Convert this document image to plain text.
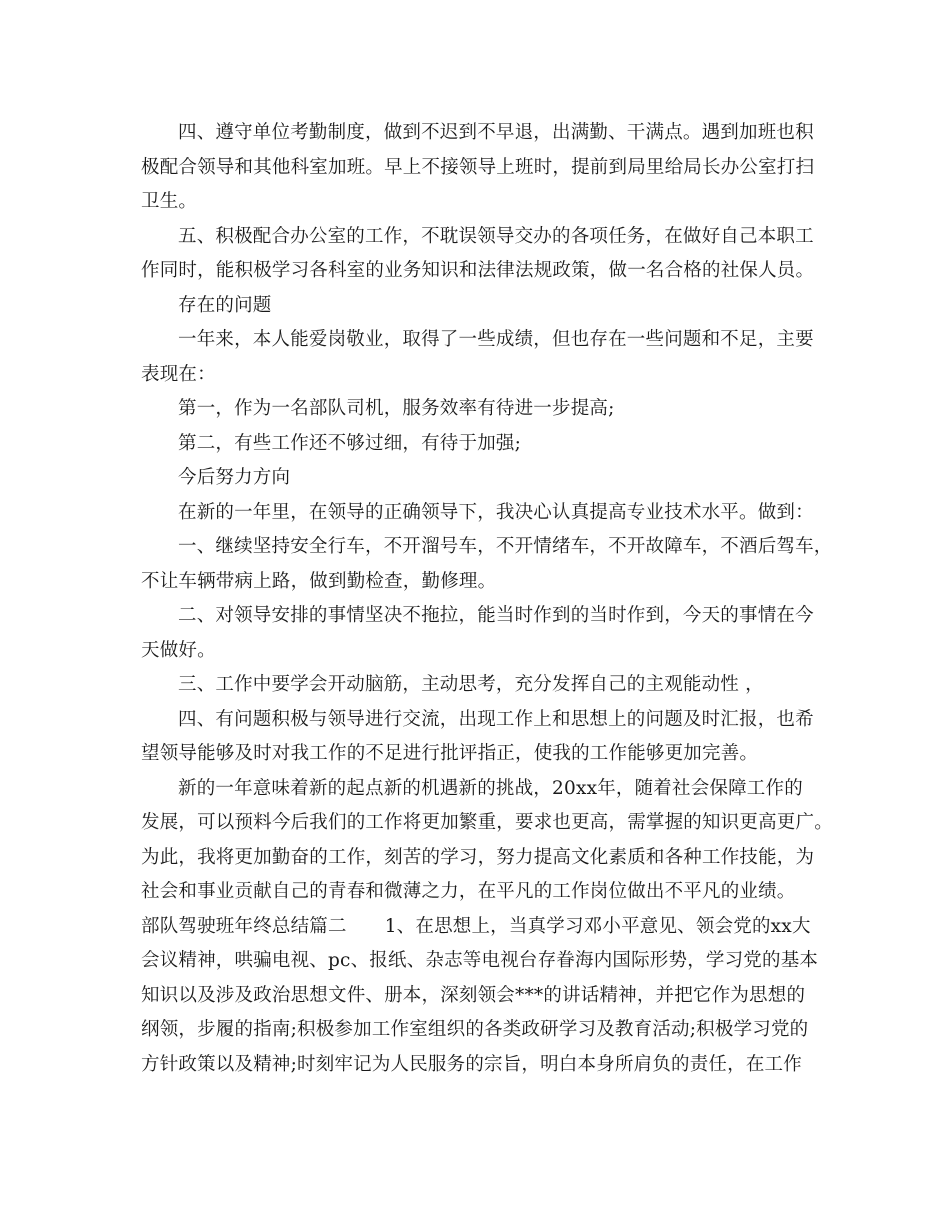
四、遵守单位考勤制度，做到不迟到不早退，出满勤、干满点。遇到加班也积
极配合领导和其他科室加班。早上不接领导上班时，提前到局里给局长办公室打扫
卫生。
五、积极配合办公室的工作，不耽误领导交办的各项任务，在做好自己本职工
作同时，能积极学习各科室的业务知识和法律法规政策，做一名合格的社保人员。
存在的问题
一年来，本人能爱岗敬业，取得了一些成绩，但也存在一些问题和不足，主要
表现在：
第一，作为一名部队司机，服务效率有待进一步提高;
第二，有些工作还不够过细，有待于加强;
今后努力方向
在新的一年里，在领导的正确领导下，我决心认真提高专业技术水平。做到：
一、继续坚持安全行车，不开溜号车，不开情绪车，不开故障车，不酒后驾车，
不让车辆带病上路，做到勤检查，勤修理。
二、对领导安排的事情坚决不拖拉，能当时作到的当时作到，今天的事情在今
天做好。
三、工作中要学会开动脑筋，主动思考，充分发挥自己的主观能动性 ，
四、有问题积极与领导进行交流，出现工作上和思想上的问题及时汇报，也希
望领导能够及时对我工作的不足进行批评指正，使我的工作能够更加完善。
新的一年意味着新的起点新的机遇新的挑战，20xx年，随着社会保障工作的
发展，可以预料今后我们的工作将更加繁重，要求也更高，需掌握的知识更高更广。
为此，我将更加勤奋的工作，刻苦的学习，努力提高文化素质和各种工作技能，为
社会和事业贡献自己的青春和微薄之力，在平凡的工作岗位做出不平凡的业绩。
部队驾驶班年终总结篇二 1、在思想上，当真学习邓小平意见、领会党的xx大
会议精神，哄骗电视、pc、报纸、杂志等电视台存眷海内国际形势，学习党的基本
知识以及涉及政治思想文件、册本，深刻领会***的讲话精神，并把它作为思想的
纲领，步履的指南;积极参加工作室组织的各类政研学习及教育活动;积极学习党的
方针政策以及精神;时刻牢记为人民服务的宗旨，明白本身所肩负的责任，在工作
